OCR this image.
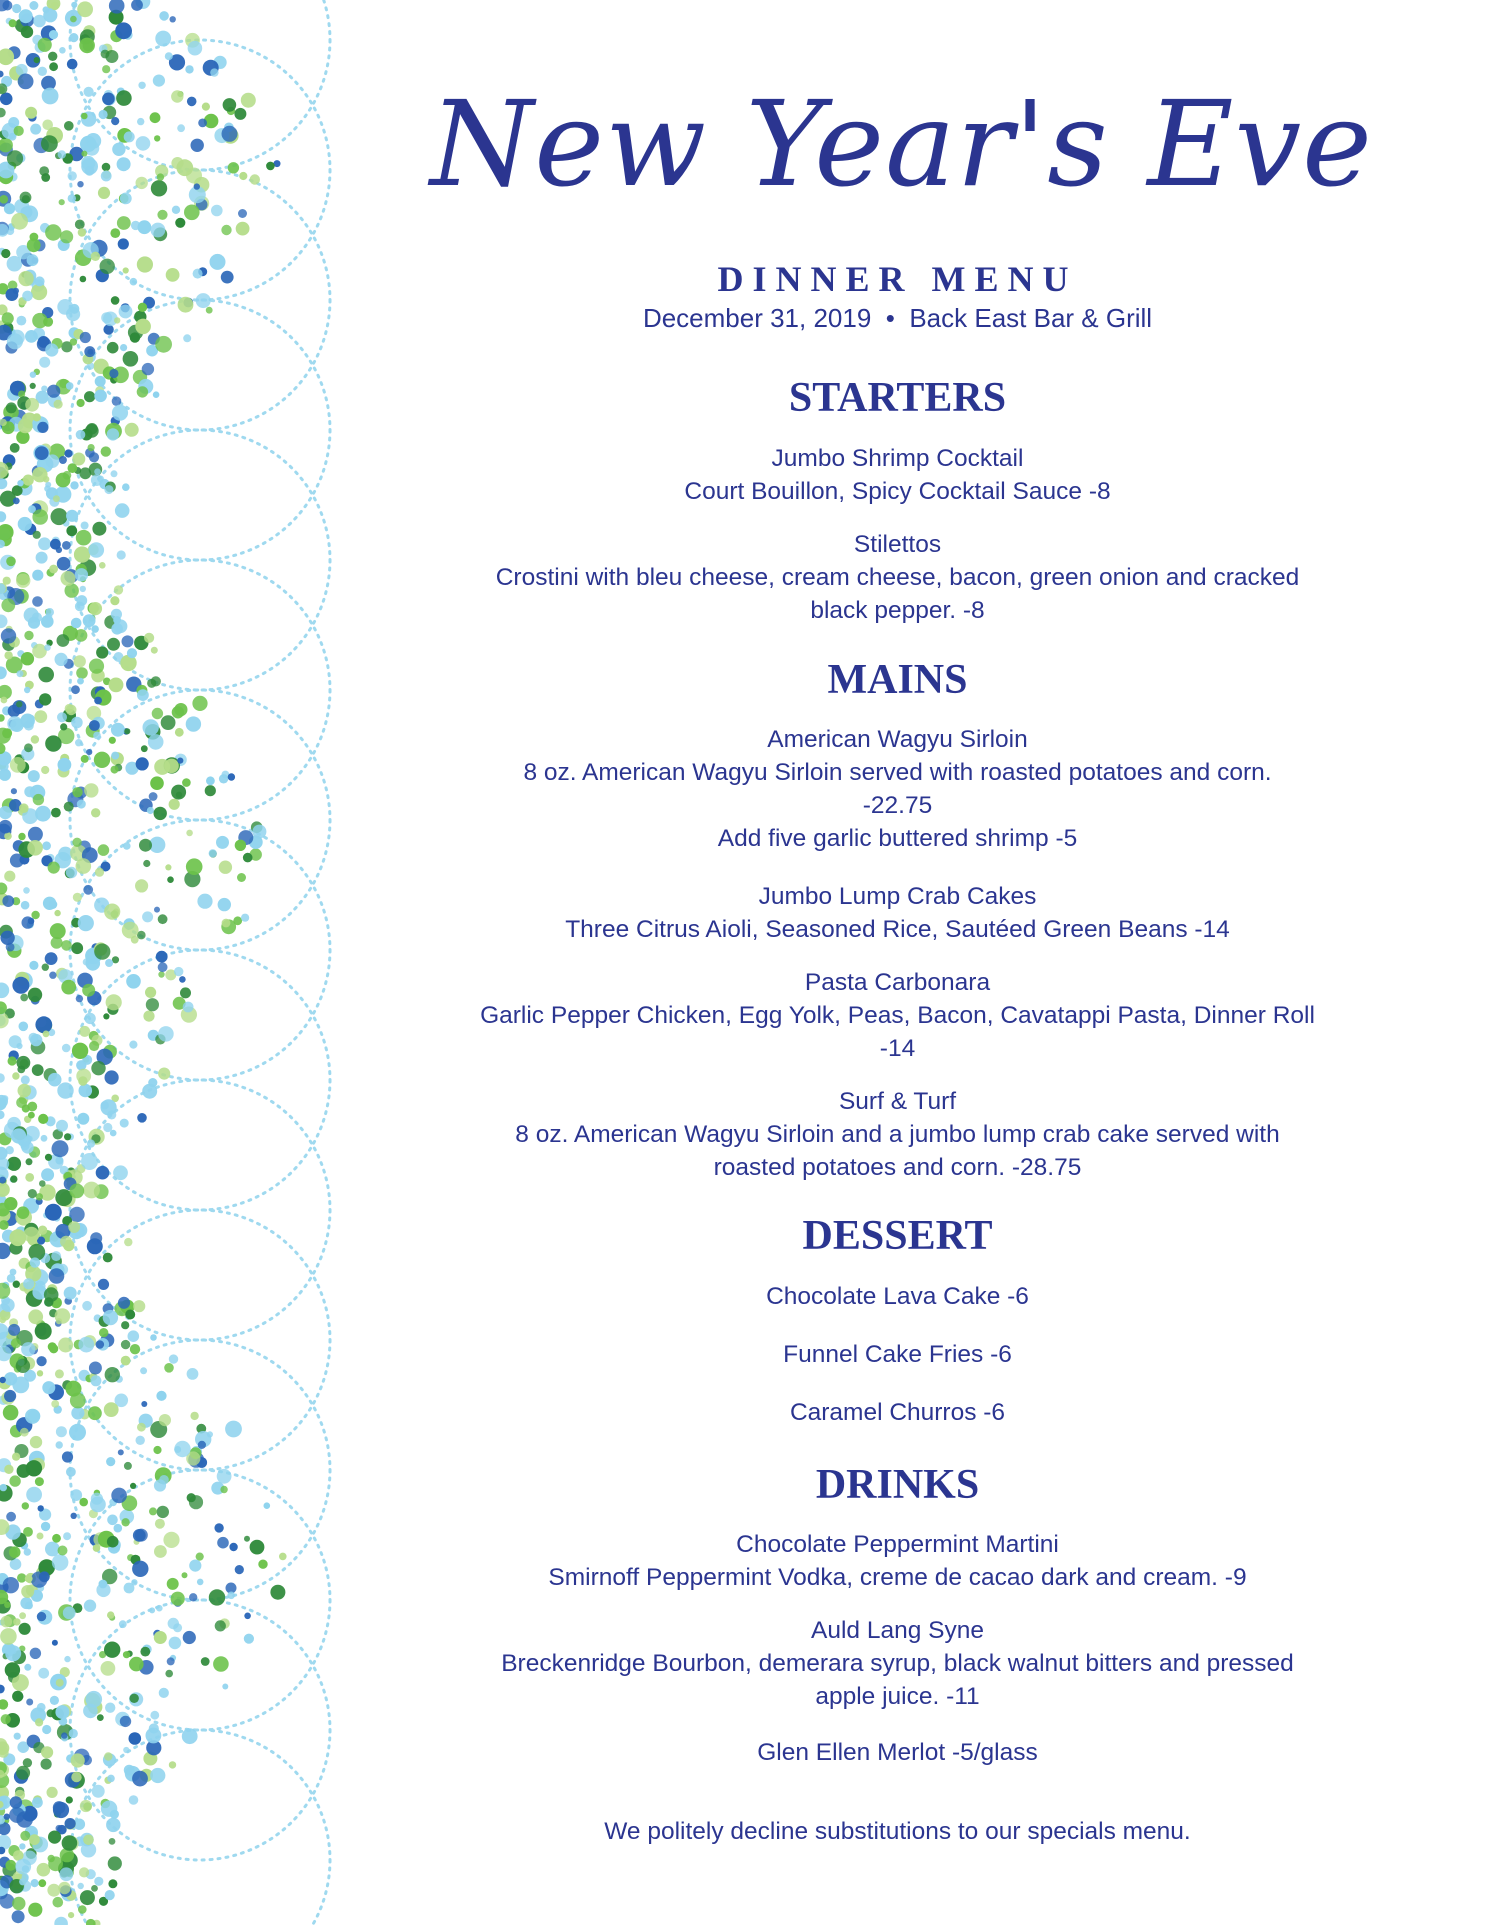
New Year's Eve
DINNER MENU
December 31, 2019 • Back East Bar & Grill
STARTERS
Jumbo Shrimp Cocktail
Court Bouillon, Spicy Cocktail Sauce -8
Stilettos
Crostini with bleu cheese, cream cheese, bacon, green onion and cracked
black pepper. -8
MAINS
American Wagyu Sirloin
8 oz. American Wagyu Sirloin served with roasted potatoes and corn.
-22.75
Add five garlic buttered shrimp -5
Jumbo Lump Crab Cakes
Three Citrus Aioli, Seasoned Rice, Sautéed Green Beans -14
Pasta Carbonara
Garlic Pepper Chicken, Egg Yolk, Peas, Bacon, Cavatappi Pasta, Dinner Roll
-14
Surf & Turf
8 oz. American Wagyu Sirloin and a jumbo lump crab cake served with
roasted potatoes and corn. -28.75
DESSERT
Chocolate Lava Cake -6
Funnel Cake Fries -6
Caramel Churros -6
DRINKS
Chocolate Peppermint Martini
Smirnoff Peppermint Vodka, creme de cacao dark and cream. -9
Auld Lang Syne
Breckenridge Bourbon, demerara syrup, black walnut bitters and pressed
apple juice. -11
Glen Ellen Merlot -5/glass
We politely decline substitutions to our specials menu.
